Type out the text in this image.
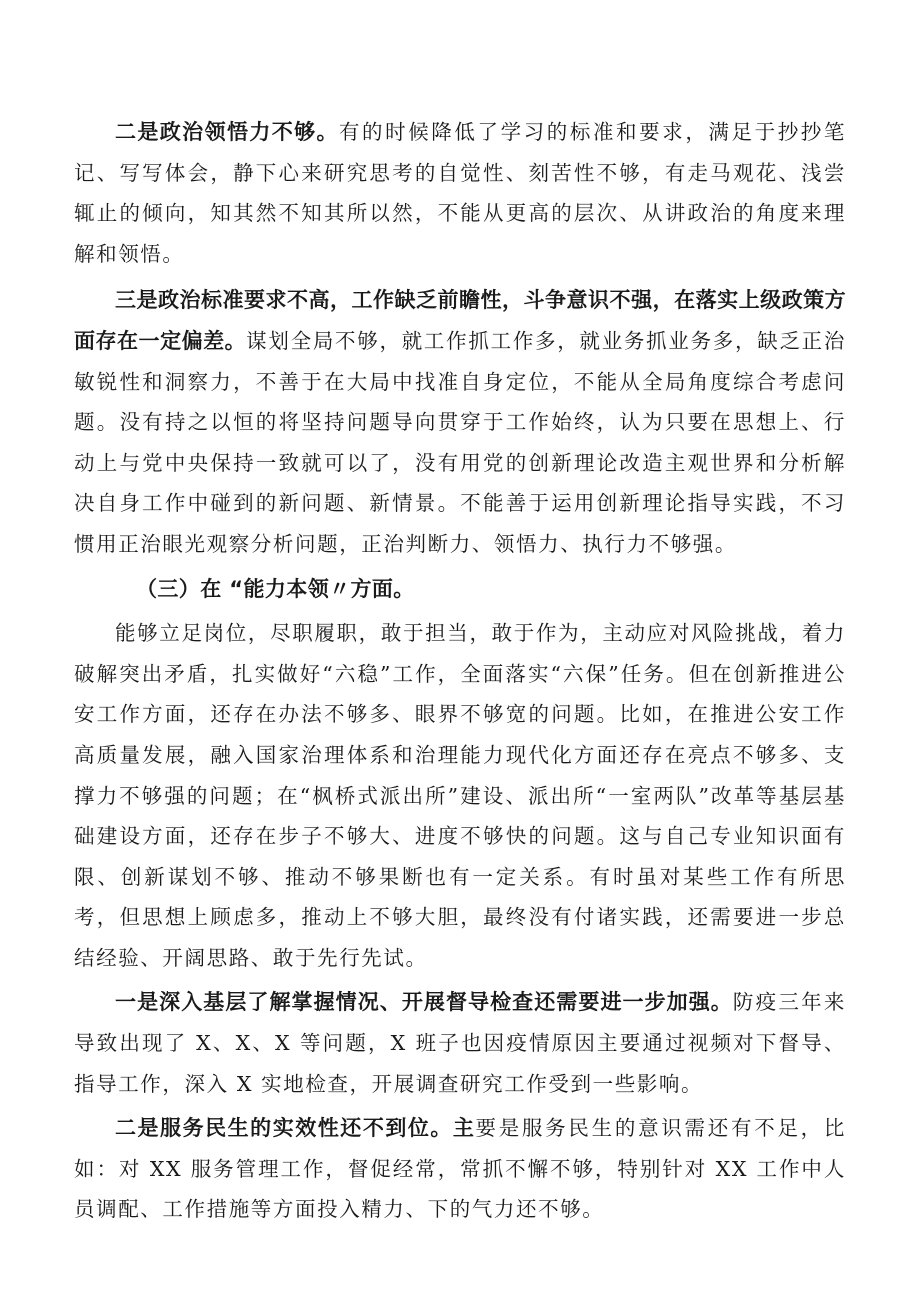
二是政治领悟力不够。有的时候降低了学习的标准和要求，满足于抄抄笔记、写写体会，静下心来研究思考的自觉性、刻苦性不够，有走马观花、浅尝辄止的倾向，知其然不知其所以然，不能从更高的层次、从讲政治的角度来理解和领悟。

三是政治标准要求不高，工作缺乏前瞻性，斗争意识不强，在落实上级政策方面存在一定偏差。谋划全局不够，就工作抓工作多，就业务抓业务多，缺乏正治敏锐性和洞察力，不善于在大局中找准自身定位，不能从全局角度综合考虑问题。没有持之以恒的将坚持问题导向贯穿于工作始终，认为只要在思想上、行动上与党中央保持一致就可以了，没有用党的创新理论改造主观世界和分析解决自身工作中碰到的新问题、新情景。不能善于运用创新理论指导实践，不习惯用正治眼光观察分析问题，正治判断力、领悟力、执行力不够强。

（三）在 “能力本领〃方面。

能够立足岗位，尽职履职，敢于担当，敢于作为，主动应对风险挑战，着力破解突出矛盾，扎实做好“六稳”工作，全面落实“六保”任务。但在创新推进公安工作方面，还存在办法不够多、眼界不够宽的问题。比如，在推进公安工作高质量发展，融入国家治理体系和治理能力现代化方面还存在亮点不够多、支撑力不够强的问题；在“枫桥式派出所”建设、派出所“一室两队”改革等基层基础建设方面，还存在步子不够大、进度不够快的问题。这与自己专业知识面有限、创新谋划不够、推动不够果断也有一定关系。有时虽对某些工作有所思考，但思想上顾虑多，推动上不够大胆，最终没有付诸实践，还需要进一步总结经验、开阔思路、敢于先行先试。

一是深入基层了解掌握情况、开展督导检查还需要进一步加强。防疫三年来导致出现了 X、X、X 等问题，X 班子也因疫情原因主要通过视频对下督导、指导工作，深入 X 实地检查，开展调查研究工作受到一些影响。

二是服务民生的实效性还不到位。主要是服务民生的意识需还有不足，比如：对 XX 服务管理工作，督促经常，常抓不懈不够，特别针对 XX 工作中人员调配、工作措施等方面投入精力、下的气力还不够。
